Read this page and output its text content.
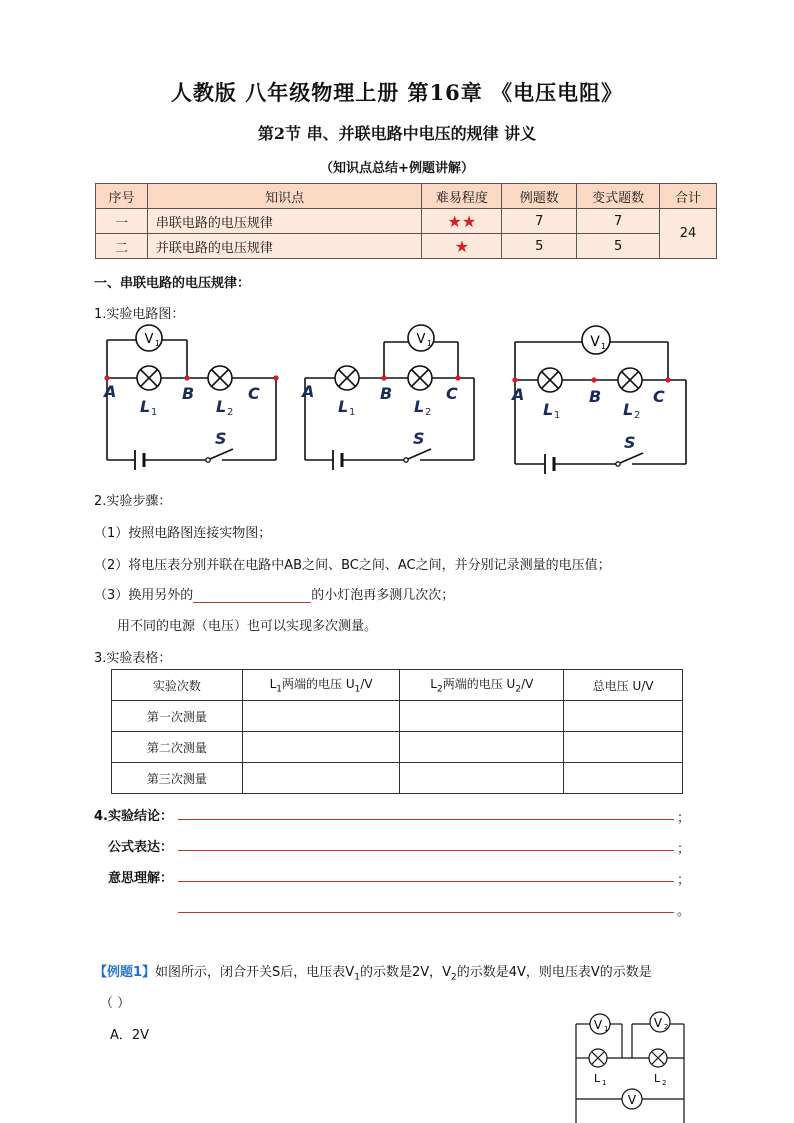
人教版 八年级物理上册 第16章 《电压电阻》
第2节 串、并联电路中电压的规律 讲义
（知识点总结+例题讲解）
序号	知识点	难易程度	例题数	变式题数	合计
一	串联电路的电压规律	★★	7	7	24
二	并联电路的电压规律	★	5	5	
一、串联电路的电压规律：
1.实验电路图：
V 1
A	B	C
L 1	L 2
S
V 1
A	B	C
L 1	L 2
S
V 1
A	B	C
L 1	L 2
S
2.实验步骤：
（1）按照电路图连接实物图；
（2）将电压表分别并联在电路中AB之间、BC之间、AC之间，并分别记录测量的电压值；
（3）换用另外的	的小灯泡再多测几次次；
用不同的电源（电压）也可以实现多次测量。
3.实验表格：
实验次数	$L_1$两端的电压 $U_1/V$	$L_2$两端的电压 $U_2/V$	总电压 U/V
第一次测量			
第二次测量			
第三次测量			
4.实验结论：	；
公式表达：	；
意思理解：	；
。
【例题1】如图所示，闭合开关S后，电压表$V_1$的示数是2V，$V_2$的示数是4V，则电压表V的示数是
（ ）
A．2V
V 1	V 2
L 1	L 2
V
